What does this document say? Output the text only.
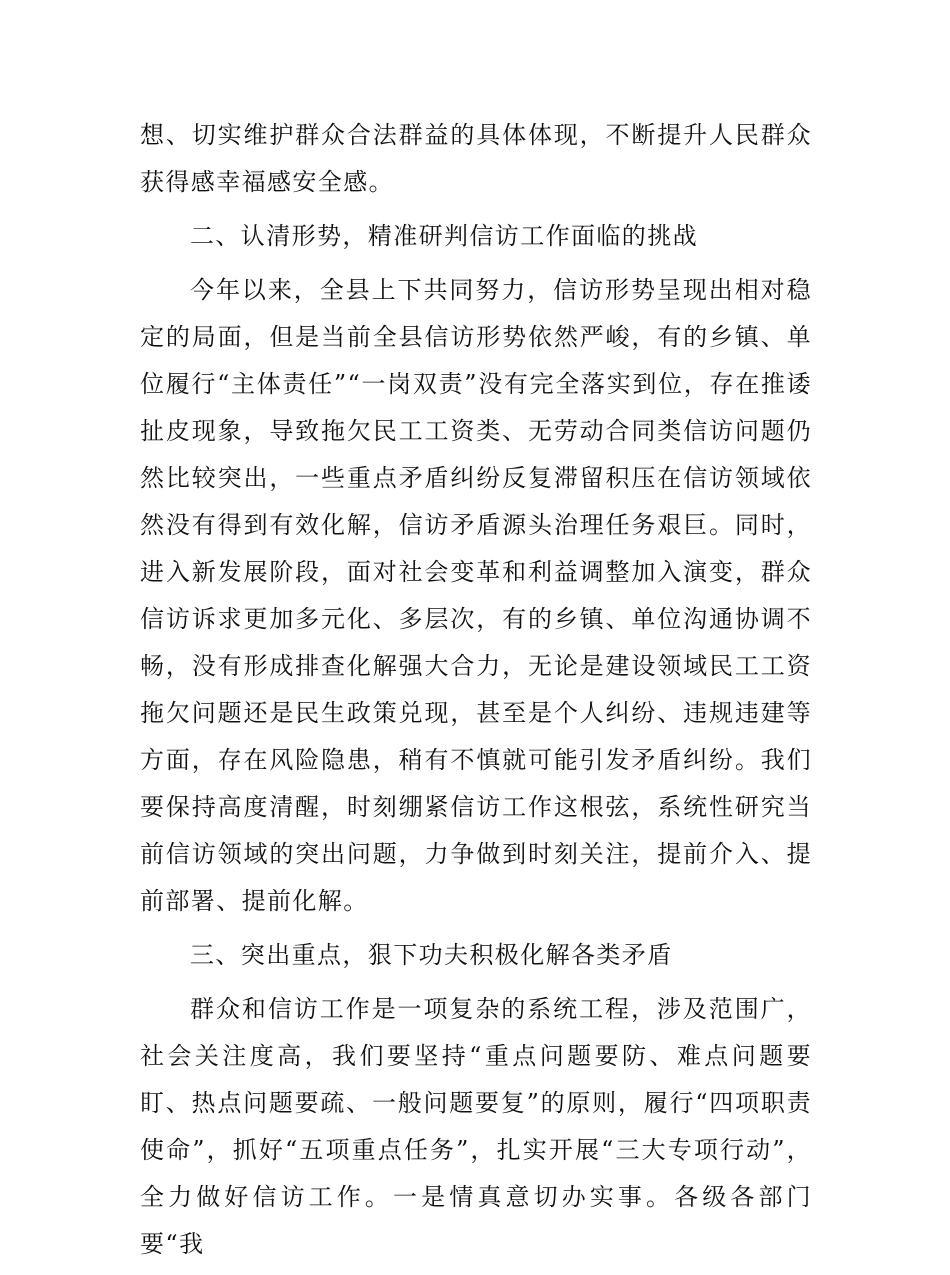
想、切实维护群众合法群益的具体体现，不断提升人民群众获得感幸福感安全感。

二、认清形势，精准研判信访工作面临的挑战

今年以来，全县上下共同努力，信访形势呈现出相对稳定的局面，但是当前全县信访形势依然严峻，有的乡镇、单位履行“主体责任”“一岗双责”没有完全落实到位，存在推诿扯皮现象，导致拖欠民工工资类、无劳动合同类信访问题仍然比较突出，一些重点矛盾纠纷反复滞留积压在信访领域依然没有得到有效化解，信访矛盾源头治理任务艰巨。同时，进入新发展阶段，面对社会变革和利益调整加入演变，群众信访诉求更加多元化、多层次，有的乡镇、单位沟通协调不畅，没有形成排查化解强大合力，无论是建设领域民工工资拖欠问题还是民生政策兑现，甚至是个人纠纷、违规违建等方面，存在风险隐患，稍有不慎就可能引发矛盾纠纷。我们要保持高度清醒，时刻绷紧信访工作这根弦，系统性研究当前信访领域的突出问题，力争做到时刻关注，提前介入、提前部署、提前化解。

三、突出重点，狠下功夫积极化解各类矛盾

群众和信访工作是一项复杂的系统工程，涉及范围广，社会关注度高，我们要坚持“重点问题要防、难点问题要盯、热点问题要疏、一般问题要复”的原则，履行“四项职责使命”，抓好“五项重点任务”，扎实开展“三大专项行动”，全力做好信访工作。一是情真意切办实事。各级各部门要“我
